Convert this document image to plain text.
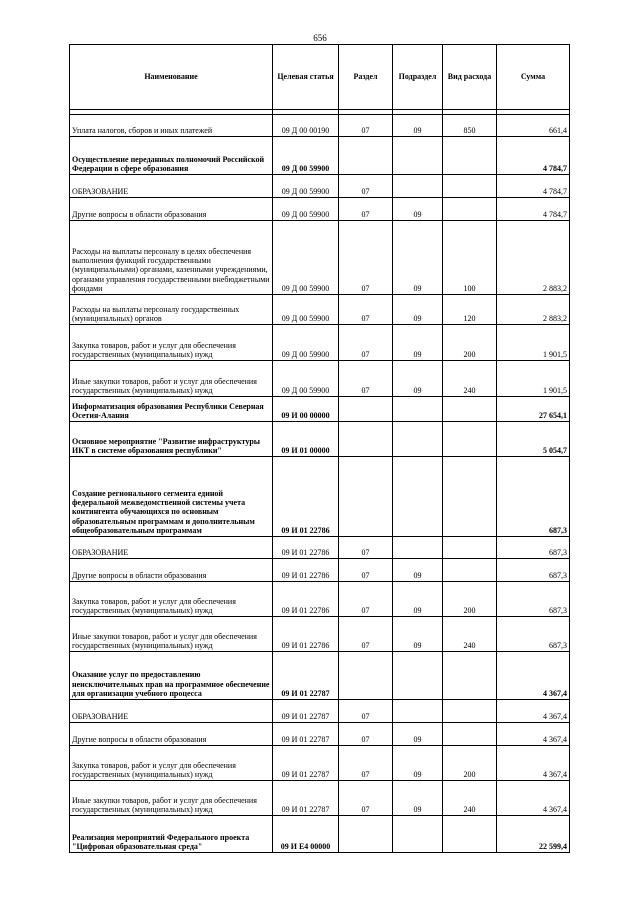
656
Наименование	Целевая статья	Раздел	Подраздел	Вид расхода	Сумма

Уплата налогов, сборов и иных платежей	09 Д 00 00190	07	09	850	661,4
Осуществление переданных полномочий Российской Федерации в сфере образования	09 Д 00 59900				4 784,7
ОБРАЗОВАНИЕ	09 Д 00 59900	07			4 784,7
Другие вопросы в области образования	09 Д 00 59900	07	09		4 784,7
Расходы на выплаты персоналу в целях обеспечения выполнения функций государственными (муниципальными) органами, казенными учреждениями, органами управления государственными внебюджетными фондами	09 Д 00 59900	07	09	100	2 883,2
Расходы на выплаты персоналу государственных (муниципальных) органов	09 Д 00 59900	07	09	120	2 883,2
Закупка товаров, работ и услуг для обеспечения государственных (муниципальных) нужд	09 Д 00 59900	07	09	200	1 901,5
Иные закупки товаров, работ и услуг для обеспечения государственных (муниципальных) нужд	09 Д 00 59900	07	09	240	1 901,5
Информатизация образования Республики Северная Осетия-Алания	09 И 00 00000				27 654,1
Основное мероприятие "Развитие инфраструктуры ИКТ в системе образования республики"	09 И 01 00000				5 054,7
Создание регионального сегмента единой федеральной межведомственной системы учета контингента обучающихся по основным образовательным программам и дополнительным общеобразовательным программам	09 И 01 22786				687,3
ОБРАЗОВАНИЕ	09 И 01 22786	07			687,3
Другие вопросы в области образования	09 И 01 22786	07	09		687,3
Закупка товаров, работ и услуг для обеспечения государственных (муниципальных) нужд	09 И 01 22786	07	09	200	687,3
Иные закупки товаров, работ и услуг для обеспечения государственных (муниципальных) нужд	09 И 01 22786	07	09	240	687,3
Оказание услуг по предоставлению неисключительных прав на программное обеспечение для организации учебного процесса	09 И 01 22787				4 367,4
ОБРАЗОВАНИЕ	09 И 01 22787	07			4 367,4
Другие вопросы в области образования	09 И 01 22787	07	09		4 367,4
Закупка товаров, работ и услуг для обеспечения государственных (муниципальных) нужд	09 И 01 22787	07	09	200	4 367,4
Иные закупки товаров, работ и услуг для обеспечения государственных (муниципальных) нужд	09 И 01 22787	07	09	240	4 367,4
Реализация мероприятий Федерального проекта "Цифровая образовательная среда"	09 И Е4 00000				22 599,4
